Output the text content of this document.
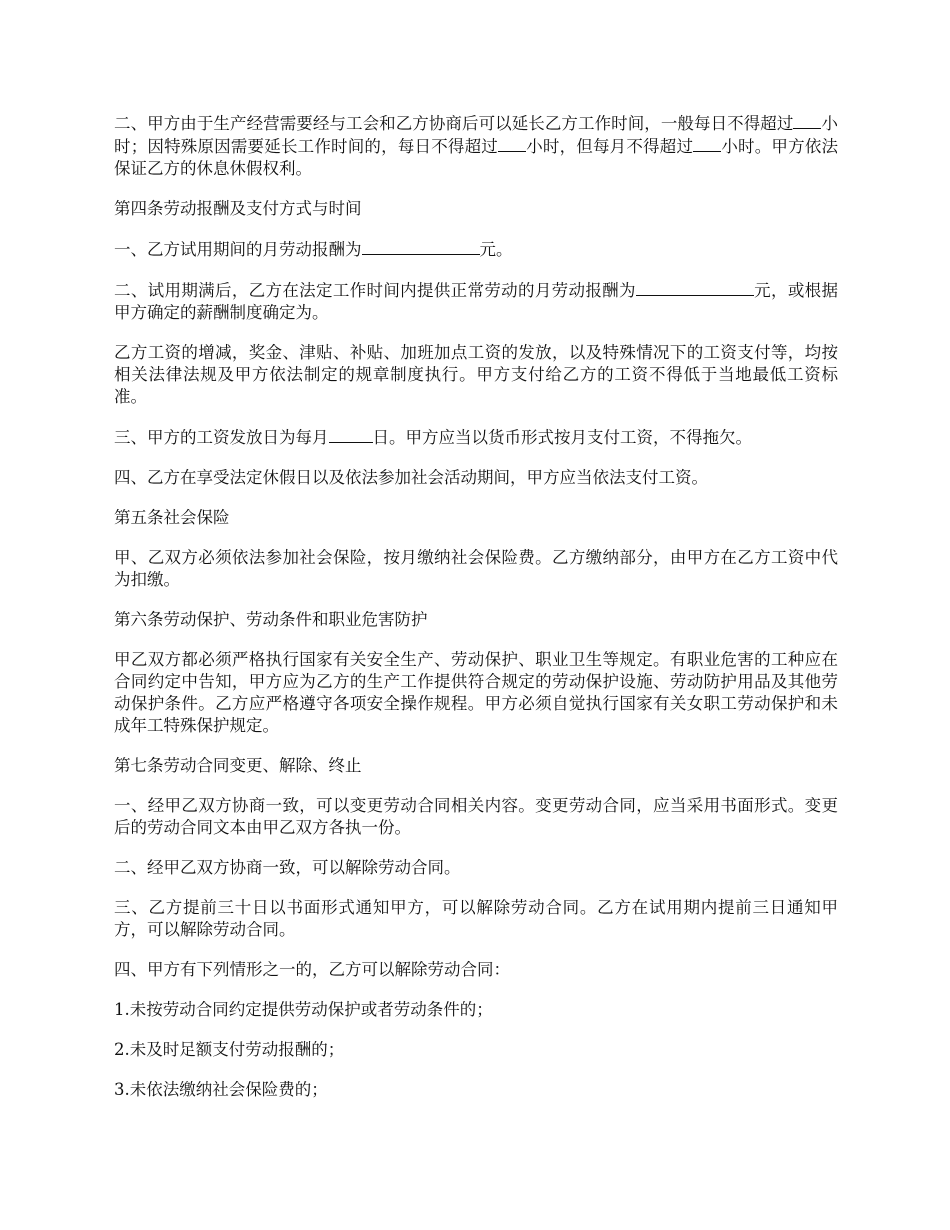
二、甲方由于生产经营需要经与工会和乙方协商后可以延长乙方工作时间，一般每日不得超过 小时；因特殊原因需要延长工作时间的，每日不得超过 小时，但每月不得超过 小时。甲方依法保证乙方的休息休假权利。

第四条劳动报酬及支付方式与时间

一、乙方试用期间的月劳动报酬为	元。

二、试用期满后，乙方在法定工作时间内提供正常劳动的月劳动报酬为	元，或根据甲方确定的薪酬制度确定为。

乙方工资的增减，奖金、津贴、补贴、加班加点工资的发放，以及特殊情况下的工资支付等，均按相关法律法规及甲方依法制定的规章制度执行。甲方支付给乙方的工资不得低于当地最低工资标准。

三、甲方的工资发放日为每月	日。甲方应当以货币形式按月支付工资，不得拖欠。

四、乙方在享受法定休假日以及依法参加社会活动期间，甲方应当依法支付工资。

第五条社会保险

甲、乙双方必须依法参加社会保险，按月缴纳社会保险费。乙方缴纳部分，由甲方在乙方工资中代为扣缴。

第六条劳动保护、劳动条件和职业危害防护

甲乙双方都必须严格执行国家有关安全生产、劳动保护、职业卫生等规定。有职业危害的工种应在合同约定中告知，甲方应为乙方的生产工作提供符合规定的劳动保护设施、劳动防护用品及其他劳动保护条件。乙方应严格遵守各项安全操作规程。甲方必须自觉执行国家有关女职工劳动保护和未成年工特殊保护规定。

第七条劳动合同变更、解除、终止

一、经甲乙双方协商一致，可以变更劳动合同相关内容。变更劳动合同，应当采用书面形式。变更后的劳动合同文本由甲乙双方各执一份。

二、经甲乙双方协商一致，可以解除劳动合同。

三、乙方提前三十日以书面形式通知甲方，可以解除劳动合同。乙方在试用期内提前三日通知甲方，可以解除劳动合同。

四、甲方有下列情形之一的，乙方可以解除劳动合同：

1.未按劳动合同约定提供劳动保护或者劳动条件的；

2.未及时足额支付劳动报酬的；

3.未依法缴纳社会保险费的；
